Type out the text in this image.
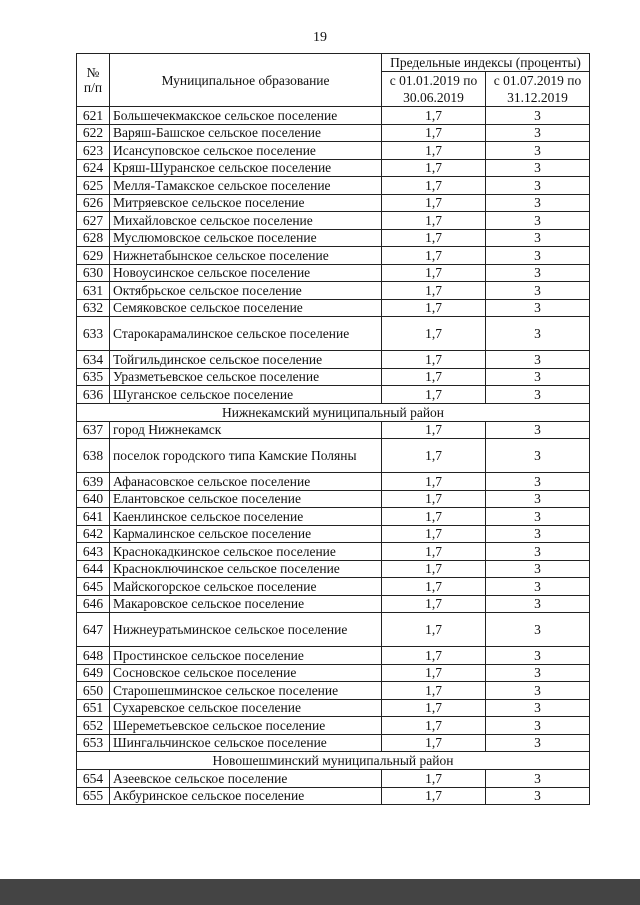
19
№ п/п	Муниципальное образование	Предельные индексы (проценты)	
		с 01.01.2019 по 30.06.2019	с 01.07.2019 по 31.12.2019
621	Большечекмакское сельское поселение	1,7	3
622	Варяш-Башское сельское поселение	1,7	3
623	Исансуповское сельское поселение	1,7	3
624	Кряш-Шуранское сельское поселение	1,7	3
625	Мелля-Тамакское сельское поселение	1,7	3
626	Митряевское сельское поселение	1,7	3
627	Михайловское сельское поселение	1,7	3
628	Муслюмовское сельское поселение	1,7	3
629	Нижнетабынское сельское поселение	1,7	3
630	Новоусинское сельское поселение	1,7	3
631	Октябрьское сельское поселение	1,7	3
632	Семяковское сельское поселение	1,7	3
633	Старокарамалинское сельское поселение	1,7	3
634	Тойгильдинское сельское поселение	1,7	3
635	Уразметьевское сельское поселение	1,7	3
636	Шуганское сельское поселение	1,7	3
Нижнекамский муниципальный район			
637	город Нижнекамск	1,7	3
638	поселок городского типа Камские Поляны	1,7	3
639	Афанасовское сельское поселение	1,7	3
640	Елантовское сельское поселение	1,7	3
641	Каенлинское сельское поселение	1,7	3
642	Кармалинское сельское поселение	1,7	3
643	Краснокадкинское сельское поселение	1,7	3
644	Красноключинское сельское поселение	1,7	3
645	Майскогорское сельское поселение	1,7	3
646	Макаровское сельское поселение	1,7	3
647	Нижнеуратьминское сельское поселение	1,7	3
648	Простинское сельское поселение	1,7	3
649	Сосновское сельское поселение	1,7	3
650	Старошешминское сельское поселение	1,7	3
651	Сухаревское сельское поселение	1,7	3
652	Шереметьевское сельское поселение	1,7	3
653	Шингальчинское сельское поселение	1,7	3
Новошешминский муниципальный район			
654	Азеевское сельское поселение	1,7	3
655	Акбуринское сельское поселение	1,7	3
